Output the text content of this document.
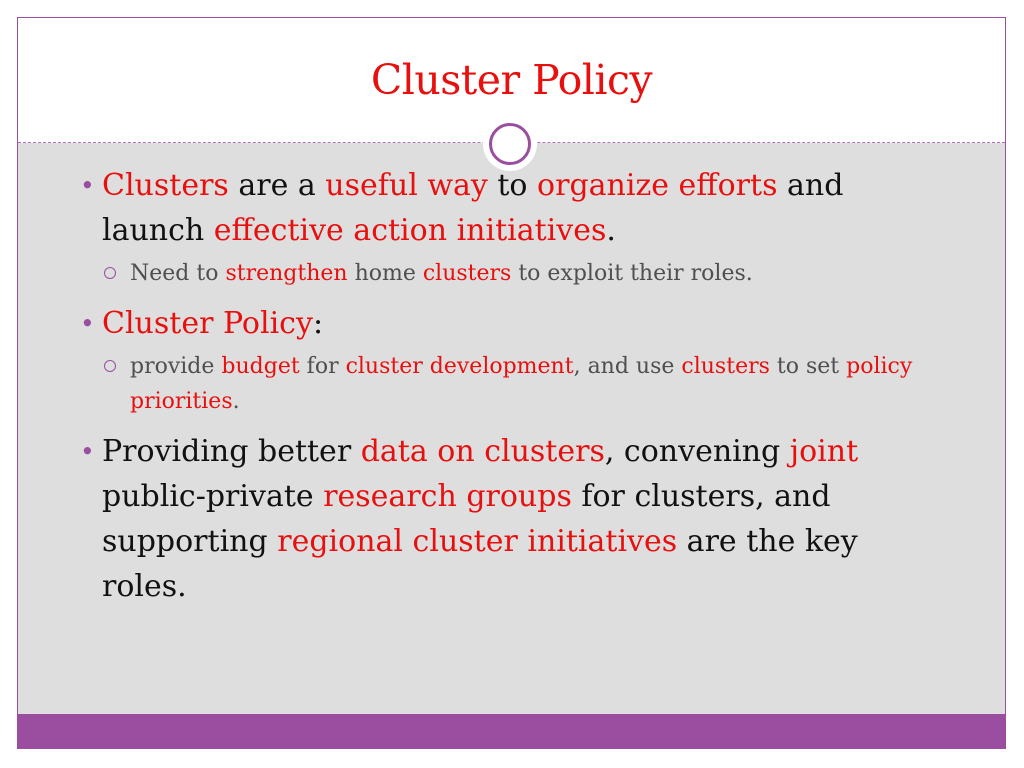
Cluster Policy

• Clusters are a useful way to organize efforts and launch effective action initiatives.

Need to strengthen home clusters to exploit their roles.

• Cluster Policy:

provide budget for cluster development, and use clusters to set policy priorities.

• Providing better data on clusters, convening joint public-private research groups for clusters, and supporting regional cluster initiatives are the key roles.
